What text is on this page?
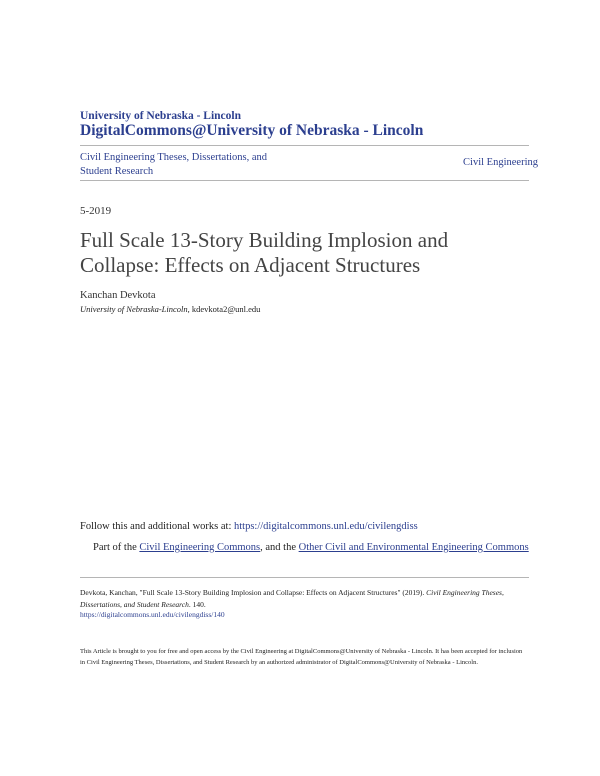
University of Nebraska - Lincoln
DigitalCommons@University of Nebraska - Lincoln
Civil Engineering Theses, Dissertations, and Student Research
Civil Engineering
5-2019
Full Scale 13-Story Building Implosion and Collapse: Effects on Adjacent Structures
Kanchan Devkota
University of Nebraska-Lincoln, kdevkota2@unl.edu
Follow this and additional works at: https://digitalcommons.unl.edu/civilengdiss
Part of the Civil Engineering Commons, and the Other Civil and Environmental Engineering Commons
Devkota, Kanchan, "Full Scale 13-Story Building Implosion and Collapse: Effects on Adjacent Structures" (2019). Civil Engineering Theses, Dissertations, and Student Research. 140.
https://digitalcommons.unl.edu/civilengdiss/140
This Article is brought to you for free and open access by the Civil Engineering at DigitalCommons@University of Nebraska - Lincoln. It has been accepted for inclusion in Civil Engineering Theses, Dissertations, and Student Research by an authorized administrator of DigitalCommons@University of Nebraska - Lincoln.
